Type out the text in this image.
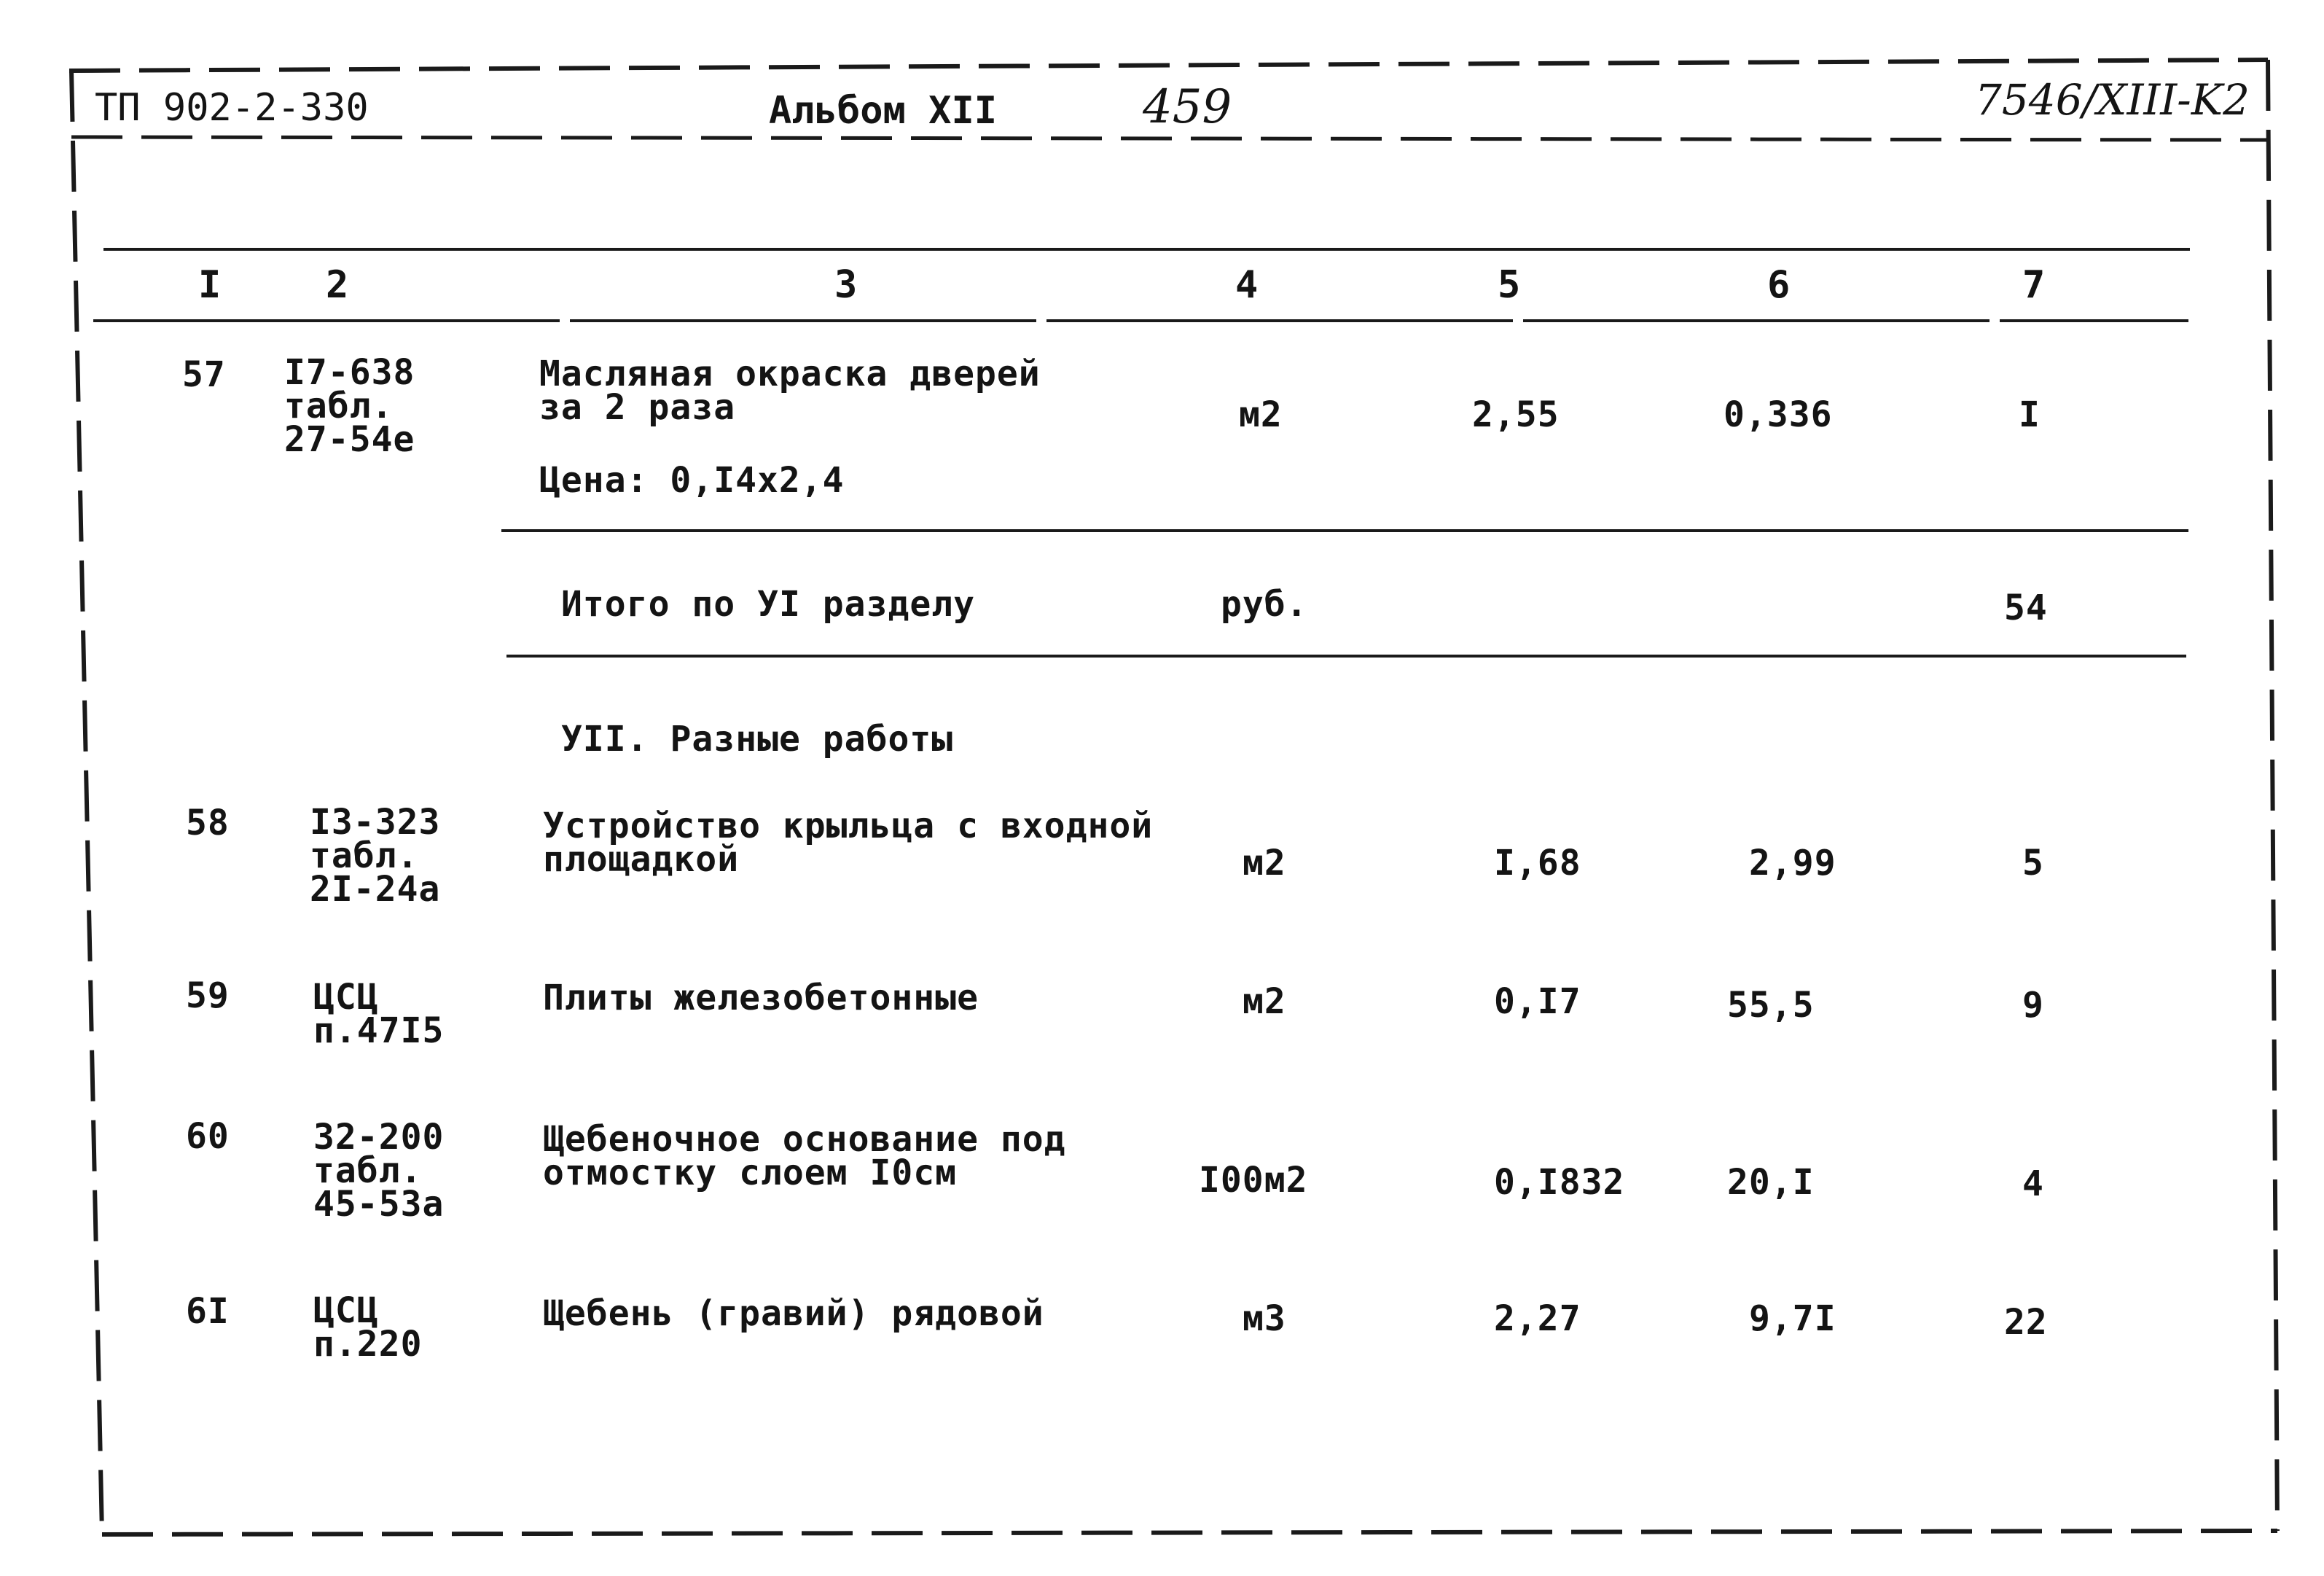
ТП 902-2-330	Альбом XII	459	7546/XIII-K2
I	2	3	4	5	6	7
57 I7-638
табл.
27-54е
Масляная окраска дверей
за 2 раза
Цена: 0,I4x2,4
м2	2,55	0,336	I
Итого по УI разделу	руб.	54
УII. Разные работы
58 I3-323
табл.
2I-24а
Устройство крыльца с входной
площадкой	м2	I,68	2,99	5
59 ЦСЦ
п.47I5
Плиты железобетонные	м2	0,I7	55,5	9
60 32-200
табл.
45-53а
Щебеночное основание под
отмостку слоем I0см	I00м2	0,I832	20,I	4
6I ЦСЦ
п.220
Щебень (гравий) рядовой	м3	2,27	9,7I	22
